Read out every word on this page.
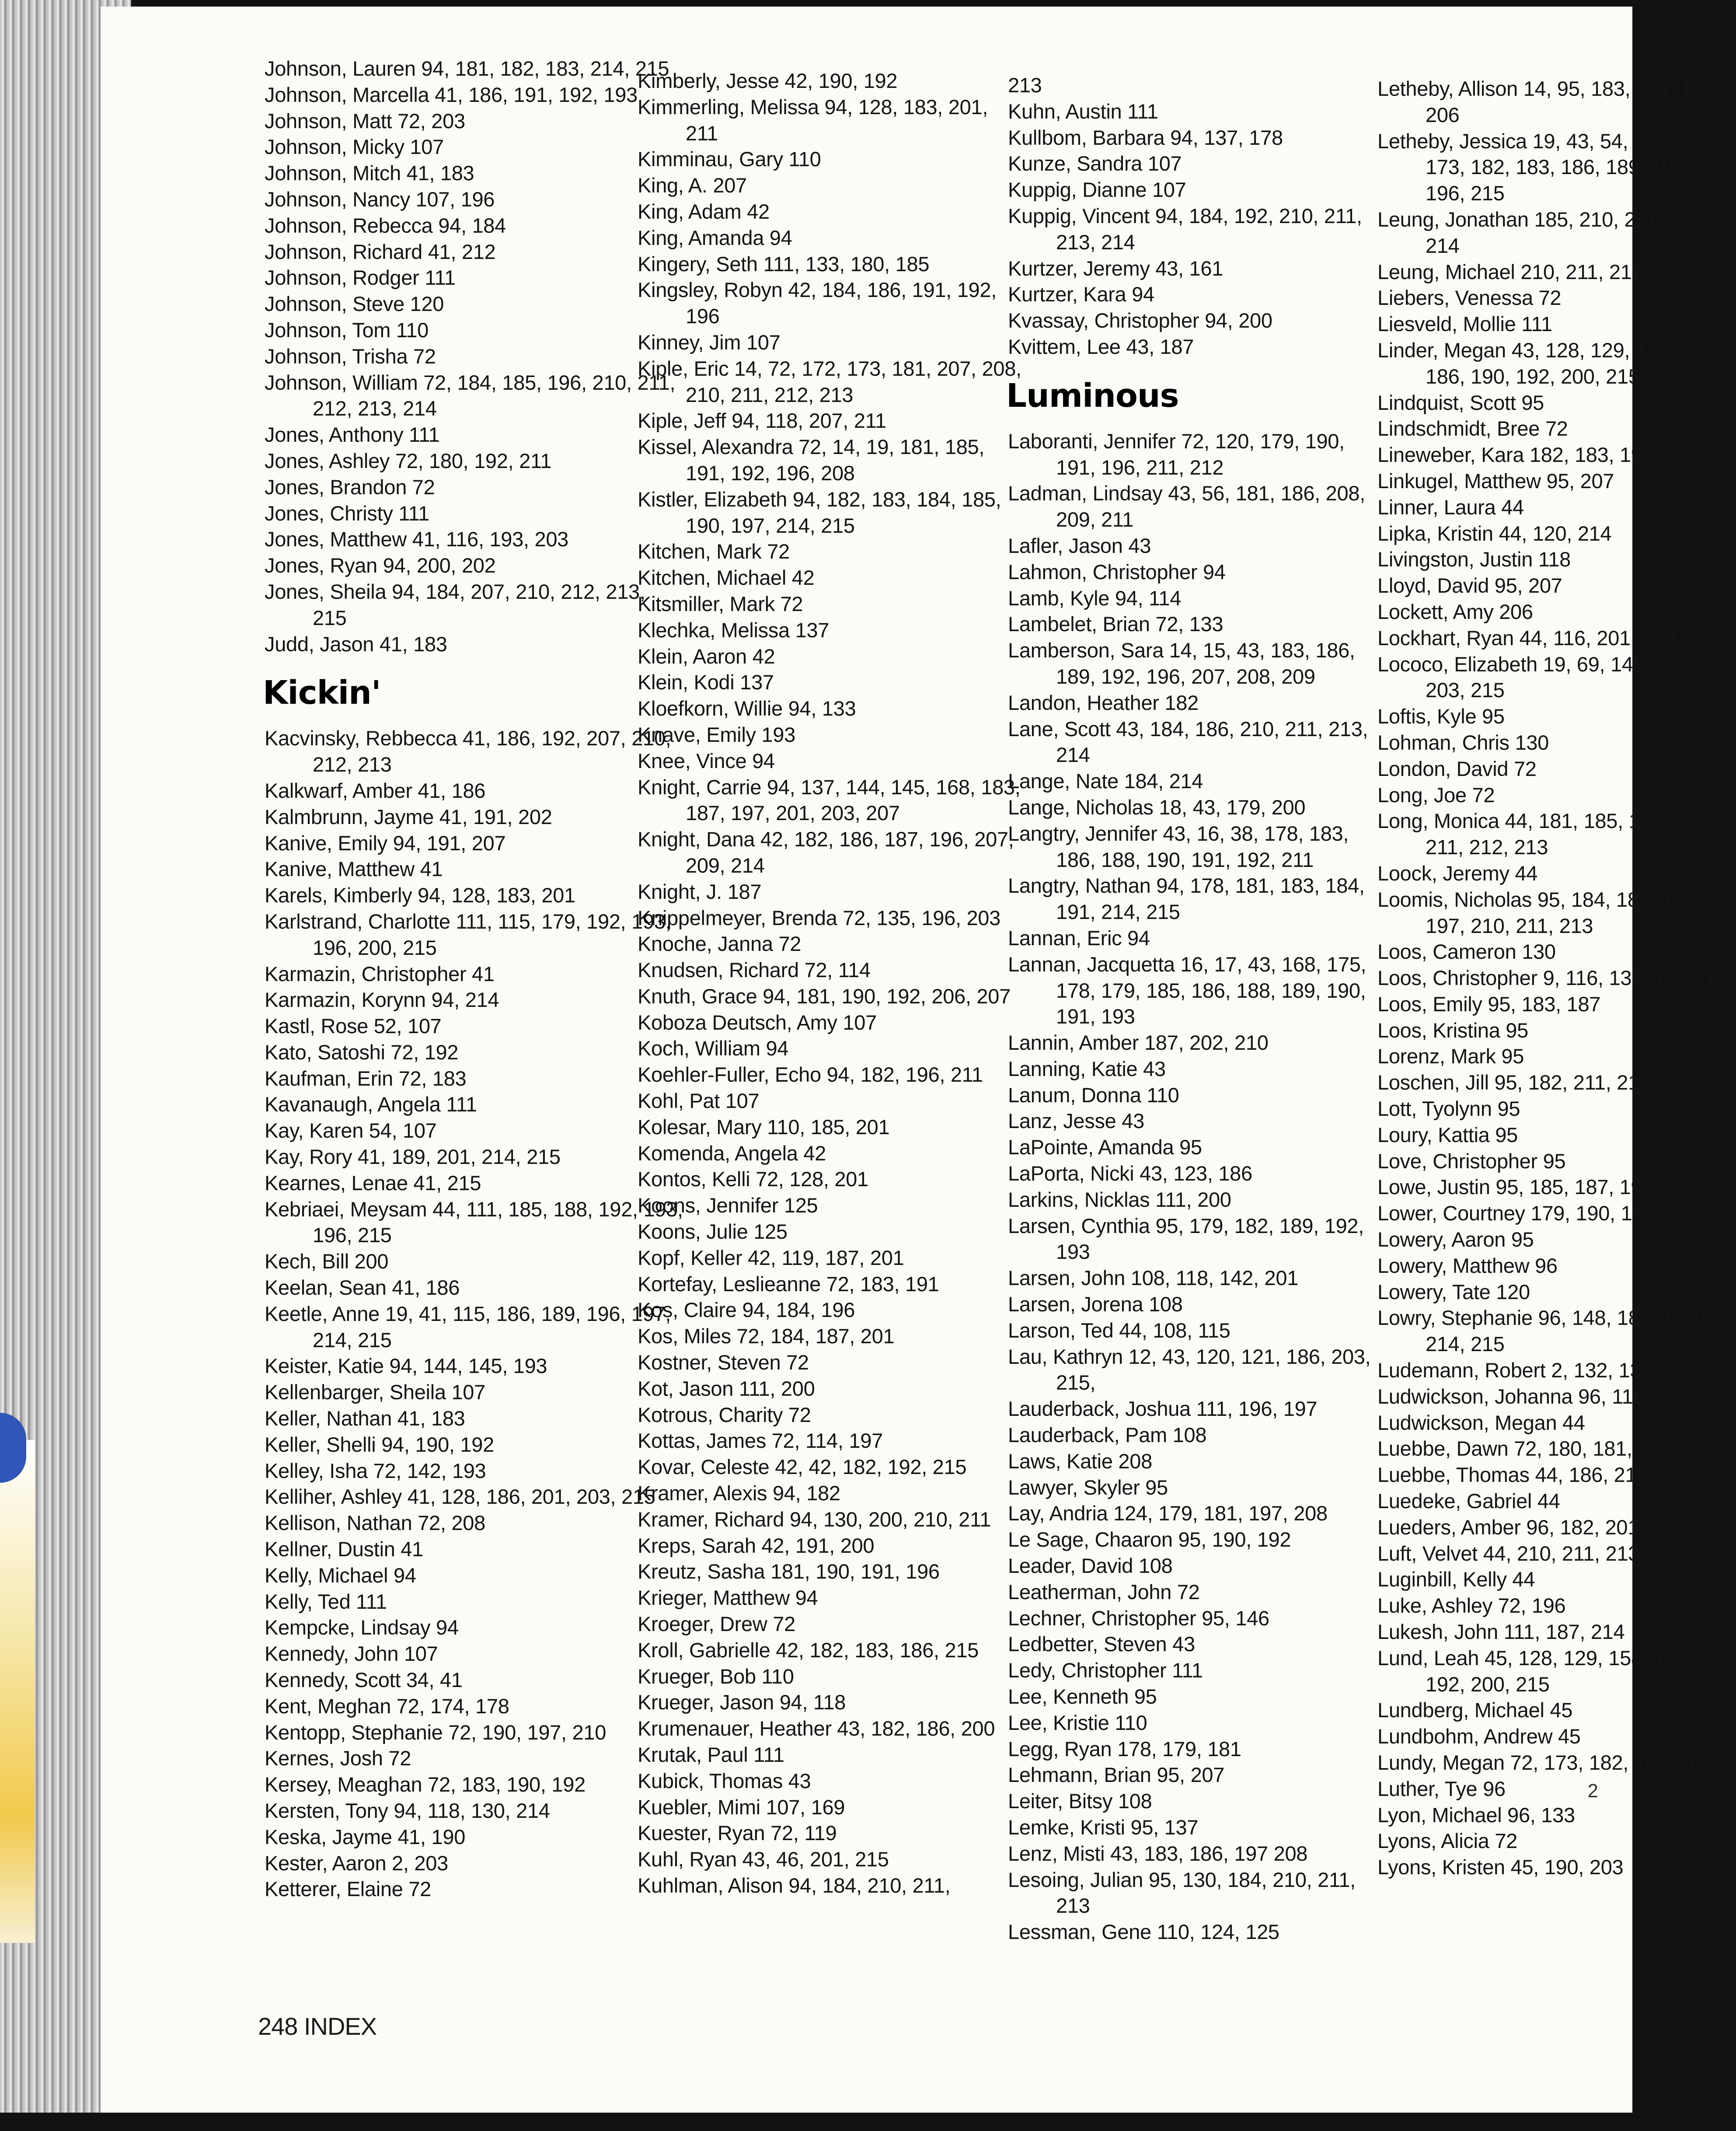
Johnson, Lauren 94, 181, 182, 183, 214, 215
Johnson, Marcella 41, 186, 191, 192, 193
Johnson, Matt 72, 203
Johnson, Micky 107
Johnson, Mitch 41, 183
Johnson, Nancy 107, 196
Johnson, Rebecca 94, 184
Johnson, Richard 41, 212
Johnson, Rodger 111
Johnson, Steve 120
Johnson, Tom 110
Johnson, Trisha 72
Johnson, William 72, 184, 185, 196, 210, 211, 212, 213, 214
Jones, Anthony 111
Jones, Ashley 72, 180, 192, 211
Jones, Brandon 72
Jones, Christy 111
Jones, Matthew 41, 116, 193, 203
Jones, Ryan 94, 200, 202
Jones, Sheila 94, 184, 207, 210, 212, 213, 215
Judd, Jason 41, 183
Kickin'
Kacvinsky, Rebbecca 41, 186, 192, 207, 210, 212, 213
Kalkwarf, Amber 41, 186
Kalmbrunn, Jayme 41, 191, 202
Kanive, Emily 94, 191, 207
Kanive, Matthew 41
Karels, Kimberly 94, 128, 183, 201
Karlstrand, Charlotte 111, 115, 179, 192, 193, 196, 200, 215
Karmazin, Christopher 41
Karmazin, Korynn 94, 214
Kastl, Rose 52, 107
Kato, Satoshi 72, 192
Kaufman, Erin 72, 183
Kavanaugh, Angela 111
Kay, Karen 54, 107
Kay, Rory 41, 189, 201, 214, 215
Kearnes, Lenae 41, 215
Kebriaei, Meysam 44, 111, 185, 188, 192, 193, 196, 215
Kech, Bill 200
Keelan, Sean 41, 186
Keetle, Anne 19, 41, 115, 186, 189, 196, 197, 214, 215
Keister, Katie 94, 144, 145, 193
Kellenbarger, Sheila 107
Keller, Nathan 41, 183
Keller, Shelli 94, 190, 192
Kelley, Isha 72, 142, 193
Kelliher, Ashley 41, 128, 186, 201, 203, 215
Kellison, Nathan 72, 208
Kellner, Dustin 41
Kelly, Michael 94
Kelly, Ted 111
Kempcke, Lindsay 94
Kennedy, John 107
Kennedy, Scott 34, 41
Kent, Meghan 72, 174, 178
Kentopp, Stephanie 72, 190, 197, 210
Kernes, Josh 72
Kersey, Meaghan 72, 183, 190, 192
Kersten, Tony 94, 118, 130, 214
Keska, Jayme 41, 190
Kester, Aaron 2, 203
Ketterer, Elaine 72
Kimberly, Jesse 42, 190, 192
Kimmerling, Melissa 94, 128, 183, 201, 211
Kimminau, Gary 110
King, A. 207
King, Adam 42
King, Amanda 94
Kingery, Seth 111, 133, 180, 185
Kingsley, Robyn 42, 184, 186, 191, 192, 196
Kinney, Jim 107
Kiple, Eric 14, 72, 172, 173, 181, 207, 208, 210, 211, 212, 213
Kiple, Jeff 94, 118, 207, 211
Kissel, Alexandra 72, 14, 19, 181, 185, 191, 192, 196, 208
Kistler, Elizabeth 94, 182, 183, 184, 185, 190, 197, 214, 215
Kitchen, Mark 72
Kitchen, Michael 42
Kitsmiller, Mark 72
Klechka, Melissa 137
Klein, Aaron 42
Klein, Kodi 137
Kloefkorn, Willie 94, 133
Knave, Emily 193
Knee, Vince 94
Knight, Carrie 94, 137, 144, 145, 168, 183, 187, 197, 201, 203, 207
Knight, Dana 42, 182, 186, 187, 196, 207, 209, 214
Knight, J. 187
Knippelmeyer, Brenda 72, 135, 196, 203
Knoche, Janna 72
Knudsen, Richard 72, 114
Knuth, Grace 94, 181, 190, 192, 206, 207
Koboza Deutsch, Amy 107
Koch, William 94
Koehler-Fuller, Echo 94, 182, 196, 211
Kohl, Pat 107
Kolesar, Mary 110, 185, 201
Komenda, Angela 42
Kontos, Kelli 72, 128, 201
Koons, Jennifer 125
Koons, Julie 125
Kopf, Keller 42, 119, 187, 201
Kortefay, Leslieanne 72, 183, 191
Kos, Claire 94, 184, 196
Kos, Miles 72, 184, 187, 201
Kostner, Steven 72
Kot, Jason 111, 200
Kotrous, Charity 72
Kottas, James 72, 114, 197
Kovar, Celeste 42, 42, 182, 192, 215
Kramer, Alexis 94, 182
Kramer, Richard 94, 130, 200, 210, 211
Kreps, Sarah 42, 191, 200
Kreutz, Sasha 181, 190, 191, 196
Krieger, Matthew 94
Kroeger, Drew 72
Kroll, Gabrielle 42, 182, 183, 186, 215
Krueger, Bob 110
Krueger, Jason 94, 118
Krumenauer, Heather 43, 182, 186, 200
Krutak, Paul 111
Kubick, Thomas 43
Kuebler, Mimi 107, 169
Kuester, Ryan 72, 119
Kuhl, Ryan 43, 46, 201, 215
Kuhlman, Alison 94, 184, 210, 211,
213
Kuhn, Austin 111
Kullbom, Barbara 94, 137, 178
Kunze, Sandra 107
Kuppig, Dianne 107
Kuppig, Vincent 94, 184, 192, 210, 211, 213, 214
Kurtzer, Jeremy 43, 161
Kurtzer, Kara 94
Kvassay, Christopher 94, 200
Kvittem, Lee 43, 187
Luminous
Laboranti, Jennifer 72, 120, 179, 190, 191, 196, 211, 212
Ladman, Lindsay 43, 56, 181, 186, 208, 209, 211
Lafler, Jason 43
Lahmon, Christopher 94
Lamb, Kyle 94, 114
Lambelet, Brian 72, 133
Lamberson, Sara 14, 15, 43, 183, 186, 189, 192, 196, 207, 208, 209
Landon, Heather 182
Lane, Scott 43, 184, 186, 210, 211, 213, 214
Lange, Nate 184, 214
Lange, Nicholas 18, 43, 179, 200
Langtry, Jennifer 43, 16, 38, 178, 183, 186, 188, 190, 191, 192, 211
Langtry, Nathan 94, 178, 181, 183, 184, 191, 214, 215
Lannan, Eric 94
Lannan, Jacquetta 16, 17, 43, 168, 175, 178, 179, 185, 186, 188, 189, 190, 191, 193
Lannin, Amber 187, 202, 210
Lanning, Katie 43
Lanum, Donna 110
Lanz, Jesse 43
LaPointe, Amanda 95
LaPorta, Nicki 43, 123, 186
Larkins, Nicklas 111, 200
Larsen, Cynthia 95, 179, 182, 189, 192, 193
Larsen, John 108, 118, 142, 201
Larsen, Jorena 108
Larson, Ted 44, 108, 115
Lau, Kathryn 12, 43, 120, 121, 186, 203, 215,
Lauderback, Joshua 111, 196, 197
Lauderback, Pam 108
Laws, Katie 208
Lawyer, Skyler 95
Lay, Andria 124, 179, 181, 197, 208
Le Sage, Chaaron 95, 190, 192
Leader, David 108
Leatherman, John 72
Lechner, Christopher 95, 146
Ledbetter, Steven 43
Ledy, Christopher 111
Lee, Kenneth 95
Lee, Kristie 110
Legg, Ryan 178, 179, 181
Lehmann, Brian 95, 207
Leiter, Bitsy 108
Lemke, Kristi 95, 137
Lenz, Misti 43, 183, 186, 197 208
Lesoing, Julian 95, 130, 184, 210, 211, 213
Lessman, Gene 110, 124, 125
Letheby, Allison 14, 95, 183, 191, 1%6, 206
Letheby, Jessica 19, 43, 54, 115, 16?, 173, 182, 183, 186, 189, 191, 192, 196, 215
Leung, Jonathan 185, 210, 211, 21 213, 214
Leung, Michael 210, 211, 212, 21
Liebers, Venessa 72
Liesveld, Mollie 111
Linder, Megan 43, 128, 129, 181, 182, 186, 190, 192, 200, 215
Lindquist, Scott 95
Lindschmidt, Bree 72
Lineweber, Kara 182, 183, 196
Linkugel, Matthew 95, 207
Linner, Laura 44
Lipka, Kristin 44, 120, 214
Livingston, Justin 118
Lloyd, David 95, 207
Lockett, Amy 206
Lockhart, Ryan 44, 116, 201, 203
Lococo, Elizabeth 19, 69, 148, 18 196, 203, 215
Loftis, Kyle 95
Lohman, Chris 130
London, David 72
Long, Joe 72
Long, Monica 44, 181, 185, 183, 210, 211, 212, 213
Loock, Jeremy 44
Loomis, Nicholas 95, 184, 185, 18 190, 197, 210, 211, 213
Loos, Cameron 130
Loos, Christopher 9, 116, 130, 13 201
Loos, Emily 95, 183, 187
Loos, Kristina 95
Lorenz, Mark 95
Loschen, Jill 95, 182, 211, 213
Lott, Tyolynn 95
Loury, Kattia 95
Love, Christopher 95
Lowe, Justin 95, 185, 187, 196, 2
Lower, Courtney 179, 190, 191, 1
Lowery, Aaron 95
Lowery, Matthew 96
Lowery, Tate 120
Lowry, Stephanie 96, 148, 181, 18 192, 214, 215
Ludemann, Robert 2, 132, 133
Ludwickson, Johanna 96, 115, 18
Ludwickson, Megan 44
Luebbe, Dawn 72, 180, 181,
Luebbe, Thomas 44, 186, 215
Luedeke, Gabriel 44
Lueders, Amber 96, 182, 201
Luft, Velvet 44, 210, 211, 213
Luginbill, Kelly 44
Luke, Ashley 72, 196
Lukesh, John 111, 187, 214
Lund, Leah 45, 128, 129, 158, 17 182, 192, 200, 215
Lundberg, Michael 45
Lundbohm, Andrew 45
Lundy, Megan 72, 173, 182, 183, 208
Luther, Tye 96
Lyon, Michael 96, 133
Lyons, Alicia 72
Lyons, Kristen 45, 190, 203
248 INDEX
2
